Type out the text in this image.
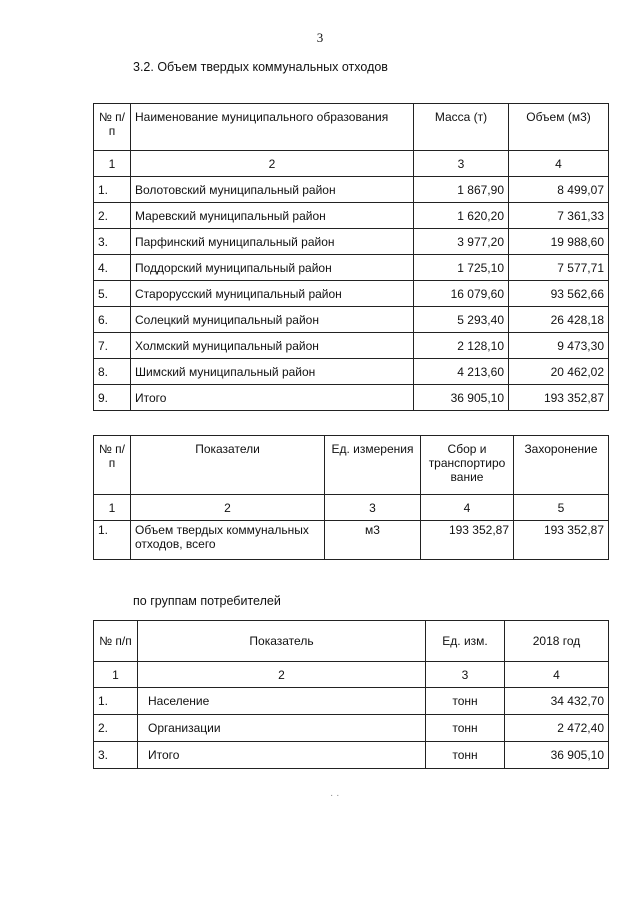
3
3.2. Объем твердых коммунальных отходов
№ п/п	Наименование муниципального образования	Масса (т)	Объем (м3)
1	2	3	4
1.	Волотовский муниципальный район	1 867,90	8 499,07
2.	Маревский муниципальный район	1 620,20	7 361,33
3.	Парфинский муниципальный район	3 977,20	19 988,60
4.	Поддорский муниципальный район	1 725,10	7 577,71
5.	Старорусский муниципальный район	16 079,60	93 562,66
6.	Солецкий муниципальный район	5 293,40	26 428,18
7.	Холмский муниципальный район	2 128,10	9 473,30
8.	Шимский муниципальный район	4 213,60	20 462,02
9.	Итого	36 905,10	193 352,87
№ п/п	Показатели	Ед. измерения	Сбор и транспортиро вание	Захоронение
1	2	3	4	5
1.	Объем твердых коммунальных отходов, всего	м3	193 352,87	193 352,87
по группам потребителей
№ п/п	Показатель	Ед. изм.	2018 год
1	2	3	4
1.	Население	тонн	34 432,70
2.	Организации	тонн	2 472,40
3.	Итого	тонн	36 905,10
· ·
